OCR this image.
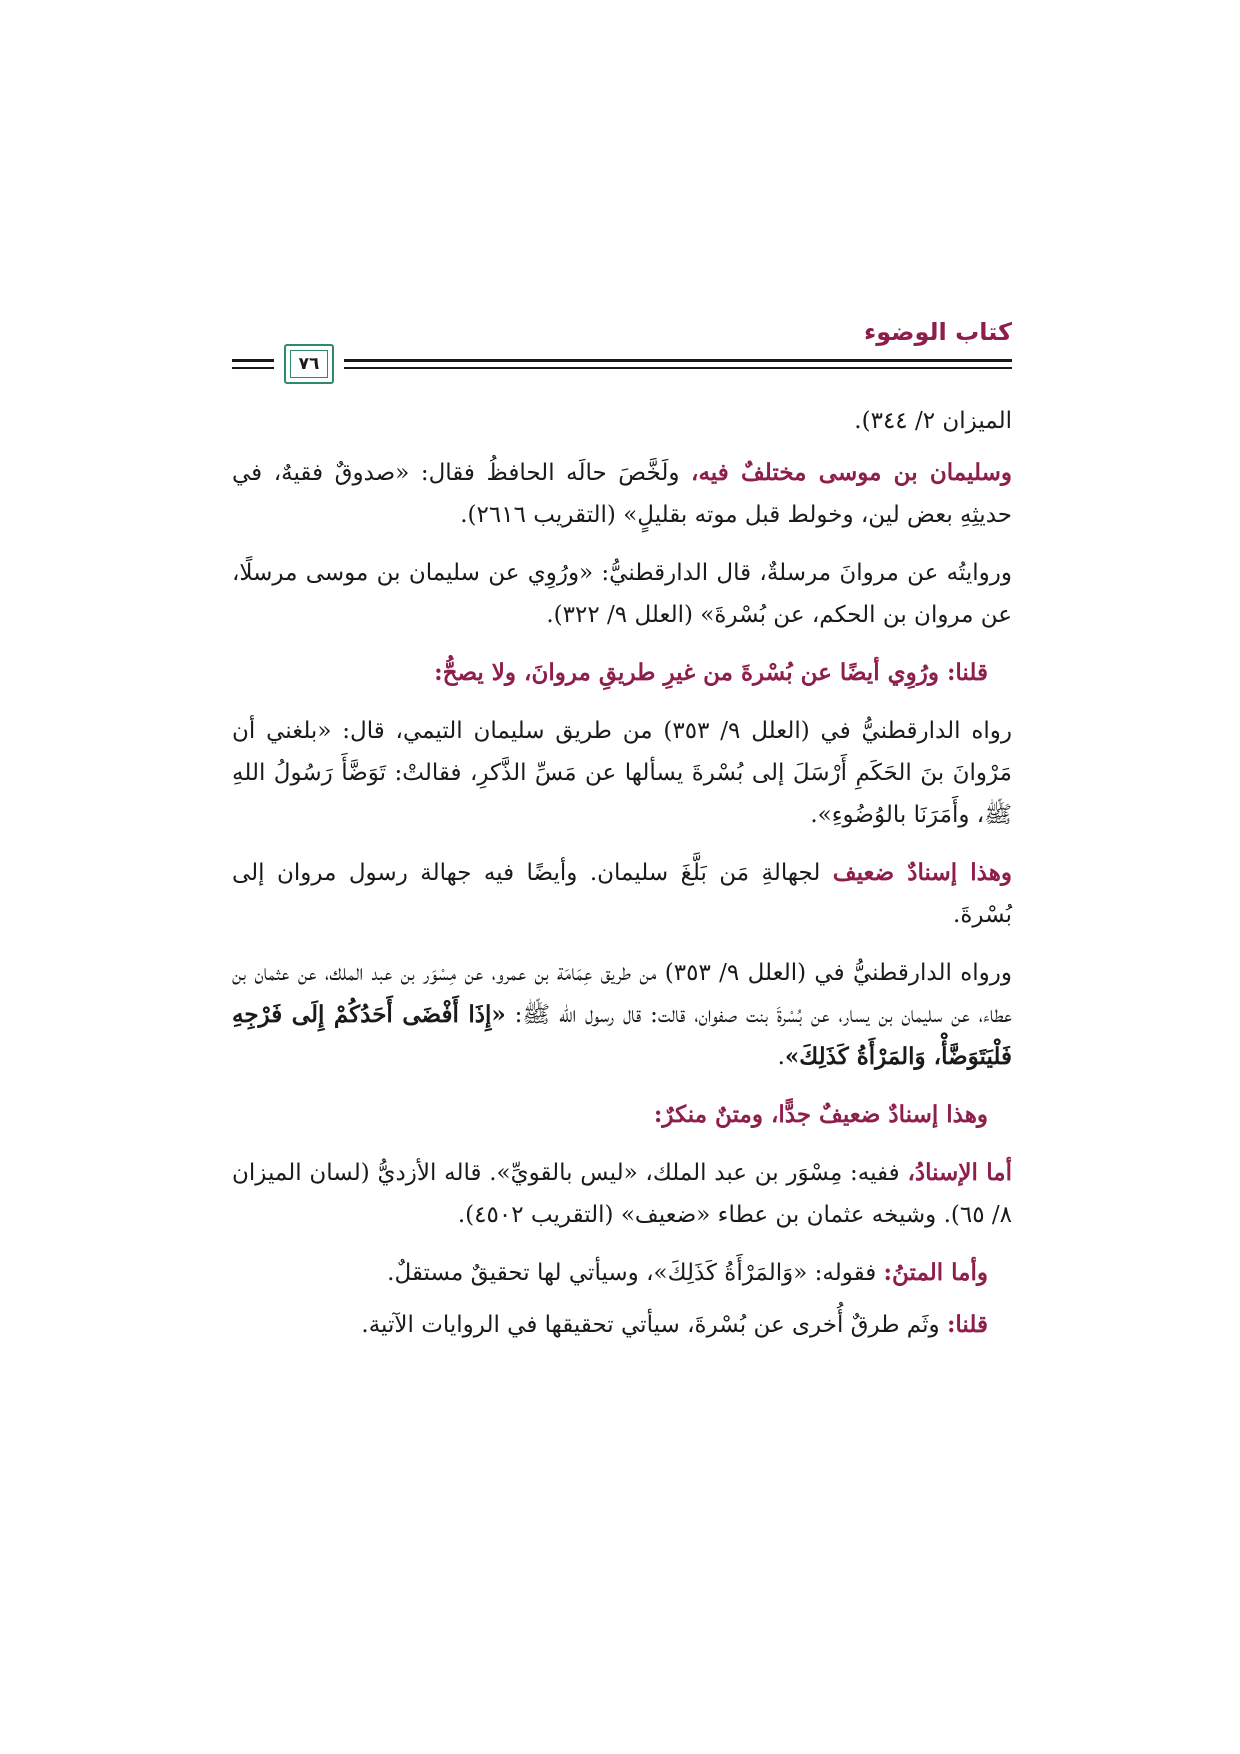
كتاب الوضوء
٧٦

الميزان ٢/ ٣٤٤).

وسليمان بن موسى مختلفٌ فيه، ولَخَّصَ حالَه الحافظُ فقال: «صدوقٌ فقيهٌ، في حديثِهِ بعض لين، وخولط قبل موته بقليلٍ» (التقريب ٢٦١٦).

وروايتُه عن مروانَ مرسلةٌ، قال الدارقطنيُّ: «ورُوِي عن سليمان بن موسى مرسلًا، عن مروان بن الحكم، عن بُسْرةَ» (العلل ٩/ ٣٢٢).

قلنا: ورُوِي أيضًا عن بُسْرةَ من غيرِ طريقِ مروانَ، ولا يصحُّ:

رواه الدارقطنيُّ في (العلل ٩/ ٣٥٣) من طريق سليمان التيمي، قال: «بلغني أن مَرْوانَ بنَ الحَكَمِ أَرْسَلَ إلى بُسْرةَ يسألها عن مَسِّ الذَّكرِ، فقالتْ: تَوَضَّأَ رَسُولُ اللهِ ﷺ، وأَمَرَنَا بالوُضُوءِ».

وهذا إسنادٌ ضعيف لجهالةِ مَن بَلَّغَ سليمان. وأيضًا فيه جهالة رسول مروان إلى بُسْرةَ.

ورواه الدارقطنيُّ في (العلل ٩/ ٣٥٣) من طريق عِمَامَة بن عمرو، عن مِسْوَر بن عبد الملك، عن عثمان بن عطاء، عن سليمان بن يسار، عن بُسْرةَ بنت صفوان، قالت: قال رسول الله ﷺ: «إِذَا أَفْضَى أَحَدُكُمْ إِلَى فَرْجِهِ فَلْيَتَوَضَّأْ، وَالمَرْأَةُ كَذَلِكَ».

وهذا إسنادٌ ضعيفٌ جدًّا، ومتنٌ منكرٌ:

أما الإسنادُ، ففيه: مِسْوَر بن عبد الملك، «ليس بالقويِّ». قاله الأزديُّ (لسان الميزان ٨/ ٦٥). وشيخه عثمان بن عطاء «ضعيف» (التقريب ٤٥٠٢).

وأما المتنُ: فقوله: «وَالمَرْأَةُ كَذَلِكَ»، وسيأتي لها تحقيقٌ مستقلٌ.

قلنا: وثَم طرقٌ أُخرى عن بُسْرةَ، سيأتي تحقيقها في الروايات الآتية.
